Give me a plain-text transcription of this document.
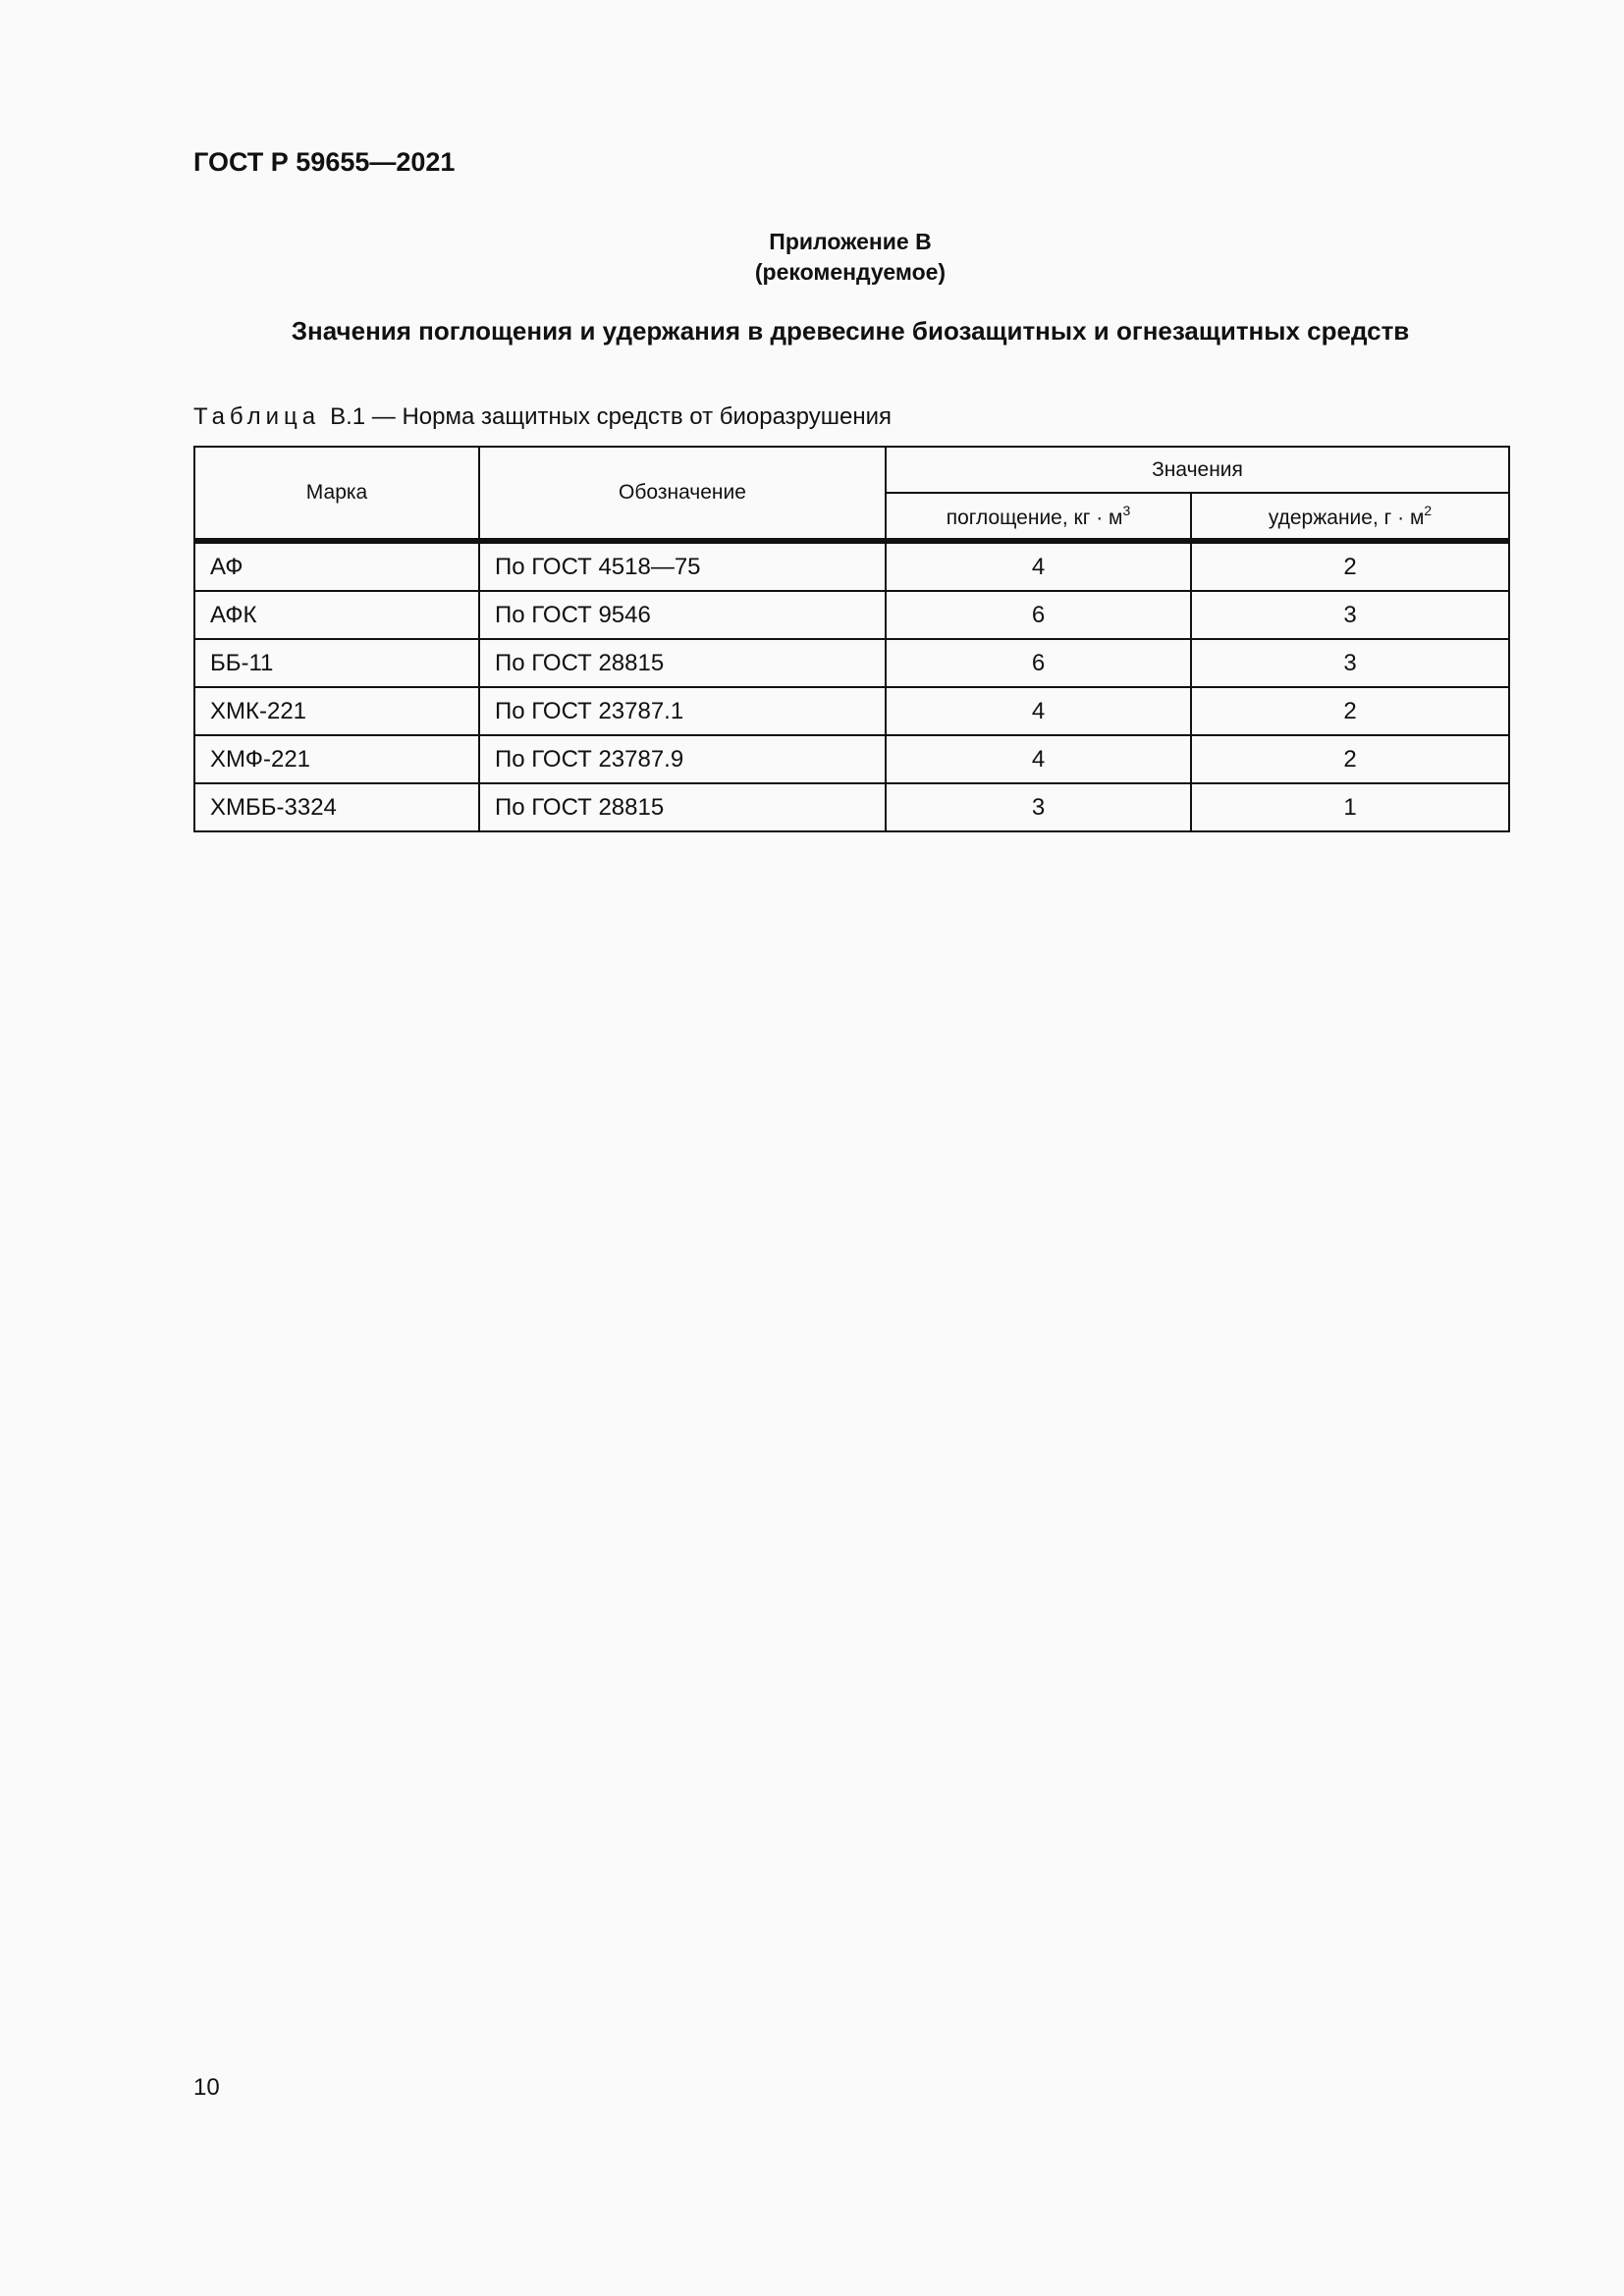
ГОСТ Р 59655—2021
Приложение В
(рекомендуемое)
Значения поглощения и удержания в древесине биозащитных и огнезащитных средств
Таблица В.1 — Норма защитных средств от биоразрушения
Марка	Обозначение	Значения	
		поглощение, кг · $м^3$	удержание, $г \cdot м^2$
АФ	По ГОСТ 4518—75	4	2
АФК	По ГОСТ 9546	6	3
ББ-11	По ГОСТ 28815	6	3
ХМК-221	По ГОСТ 23787.1	4	2
ХМФ-221	По ГОСТ 23787.9	4	2
ХМББ-3324	По ГОСТ 28815	3	1
10
